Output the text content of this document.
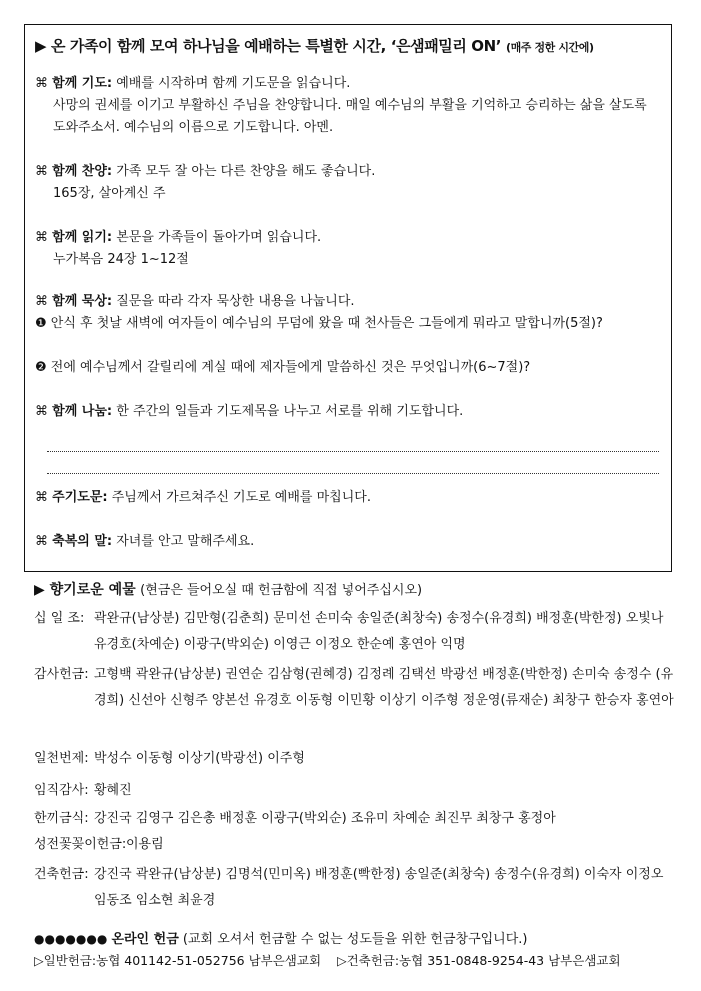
▶ 온 가족이 함께 모여 하나님을 예배하는 특별한 시간, ‘은샘패밀리 ON’ (매주 정한 시간에)
⌘ 함께 기도: 예배를 시작하며 함께 기도문을 읽습니다.
사망의 권세를 이기고 부활하신 주님을 찬양합니다. 매일 예수님의 부활을 기억하고 승리하는 삶을 살도록
도와주소서. 예수님의 이름으로 기도합니다. 아멘.
⌘ 함께 찬양: 가족 모두 잘 아는 다른 찬양을 해도 좋습니다.
165장, 살아계신 주
⌘ 함께 읽기: 본문을 가족들이 돌아가며 읽습니다.
누가복음 24장 1~12절
⌘ 함께 묵상: 질문을 따라 각자 묵상한 내용을 나눕니다.
❶ 안식 후 첫날 새벽에 여자들이 예수님의 무덤에 왔을 때 천사들은 그들에게 뭐라고 말합니까(5절)?
❷ 전에 예수님께서 갈릴리에 계실 때에 제자들에게 말씀하신 것은 무엇입니까(6~7절)?
⌘ 함께 나눔: 한 주간의 일들과 기도제목을 나누고 서로를 위해 기도합니다.
⌘ 주기도문: 주님께서 가르쳐주신 기도로 예배를 마칩니다.
⌘ 축복의 말: 자녀를 안고 말해주세요.
▶ 향기로운 예물 (현금은 들어오실 때 헌금함에 직접 넣어주십시오)
십 일 조: 곽완규(남상분) 김만형(김춘희) 문미선 손미숙 송일준(최창숙) 송정수(유경희) 배정훈(박한정) 오빛나 유경호(차예순) 이광구(박외순) 이영근 이정오 한순예 홍연아 익명
감사헌금: 고형백 곽완규(남상분) 권연순 김삼형(권혜경) 김정례 김택선 박광선 배정훈(박한정) 손미숙 송정수 (유경희) 신선아 신형주 양본선 유경호 이동형 이민황 이상기 이주형 정운영(류재순) 최창구 한승자 홍연아
일천번제: 박성수 이동형 이상기(박광선) 이주형
임직감사: 황혜진
한끼금식: 강진국 김영구 김은총 배정훈 이광구(박외순) 조유미 차예순 최진무 최창구 홍정아
성전꽃꽂이헌금: 이용림
건축헌금: 강진국 곽완규(남상분) 김명석(민미옥) 배정훈(빡한정) 송일준(최창숙) 송정수(유경희) 이숙자 이정오 임동조 임소현 최윤경
●●●●●●● 온라인 헌금 (교회 오셔서 헌금할 수 없는 성도들을 위한 헌금창구입니다.)
▷일반헌금:농협 401142-51-052756 남부은샘교회 ▷건축헌금:농협 351-0848-9254-43 남부은샘교회
